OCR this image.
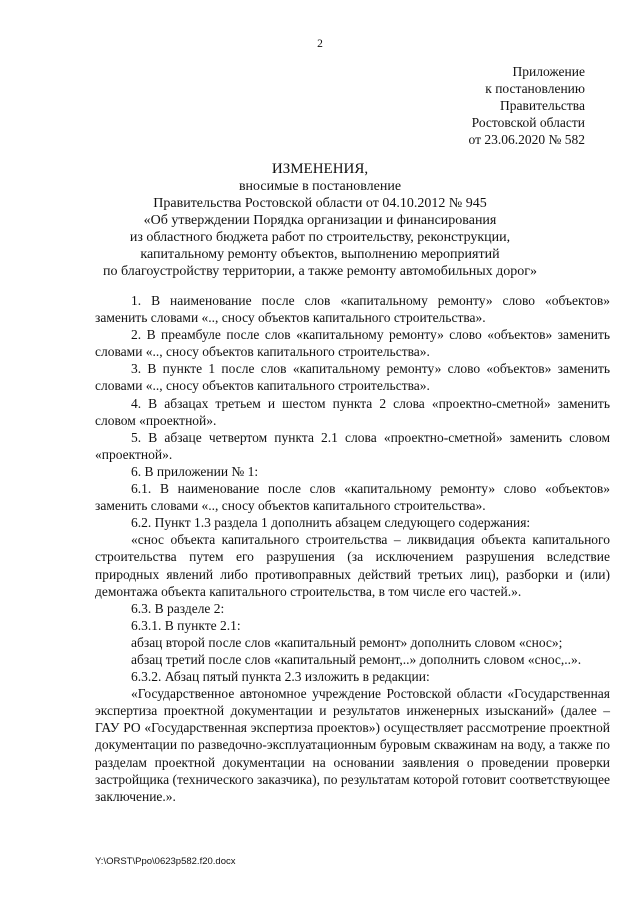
2
Приложение
к постановлению
Правительства
Ростовской области
от 23.06.2020 № 582
ИЗМЕНЕНИЯ,
вносимые в постановление
Правительства Ростовской области от 04.10.2012 № 945
«Об утверждении Порядка организации и финансирования
из областного бюджета работ по строительству, реконструкции,
капитальному ремонту объектов, выполнению мероприятий
по благоустройству территории, а также ремонту автомобильных дорог»

1. В наименование после слов «капитальному ремонту» слово «объектов» заменить словами «.., сносу объектов капитального строительства».

2. В преамбуле после слов «капитальному ремонту» слово «объектов» заменить словами «.., сносу объектов капитального строительства».

3. В пункте 1 после слов «капитальному ремонту» слово «объектов» заменить словами «.., сносу объектов капитального строительства».

4. В абзацах третьем и шестом пункта 2 слова «проектно-сметной» заменить словом «проектной».

5. В абзаце четвертом пункта 2.1 слова «проектно-сметной» заменить словом «проектной».

6. В приложении № 1:

6.1. В наименование после слов «капитальному ремонту» слово «объектов» заменить словами «.., сносу объектов капитального строительства».

6.2. Пункт 1.3 раздела 1 дополнить абзацем следующего содержания:

«снос объекта капитального строительства – ликвидация объекта капитального строительства путем его разрушения (за исключением разрушения вследствие природных явлений либо противоправных действий третьих лиц), разборки и (или) демонтажа объекта капитального строительства, в том числе его частей.».

6.3. В разделе 2:

6.3.1. В пункте 2.1:

абзац второй после слов «капитальный ремонт» дополнить словом «снос»;

абзац третий после слов «капитальный ремонт,..» дополнить словом «снос,..».

6.3.2. Абзац пятый пункта 2.3 изложить в редакции:

«Государственное автономное учреждение Ростовской области «Государственная экспертиза проектной документации и результатов инженерных изысканий» (далее – ГАУ РО «Государственная экспертиза проектов») осуществляет рассмотрение проектной документации по разведочно-эксплуатационным буровым скважинам на воду, а также по разделам проектной документации на основании заявления о проведении проверки застройщика (технического заказчика), по результатам которой готовит соответствующее заключение.».

Y:\ORST\Ppo\0623p582.f20.docx
